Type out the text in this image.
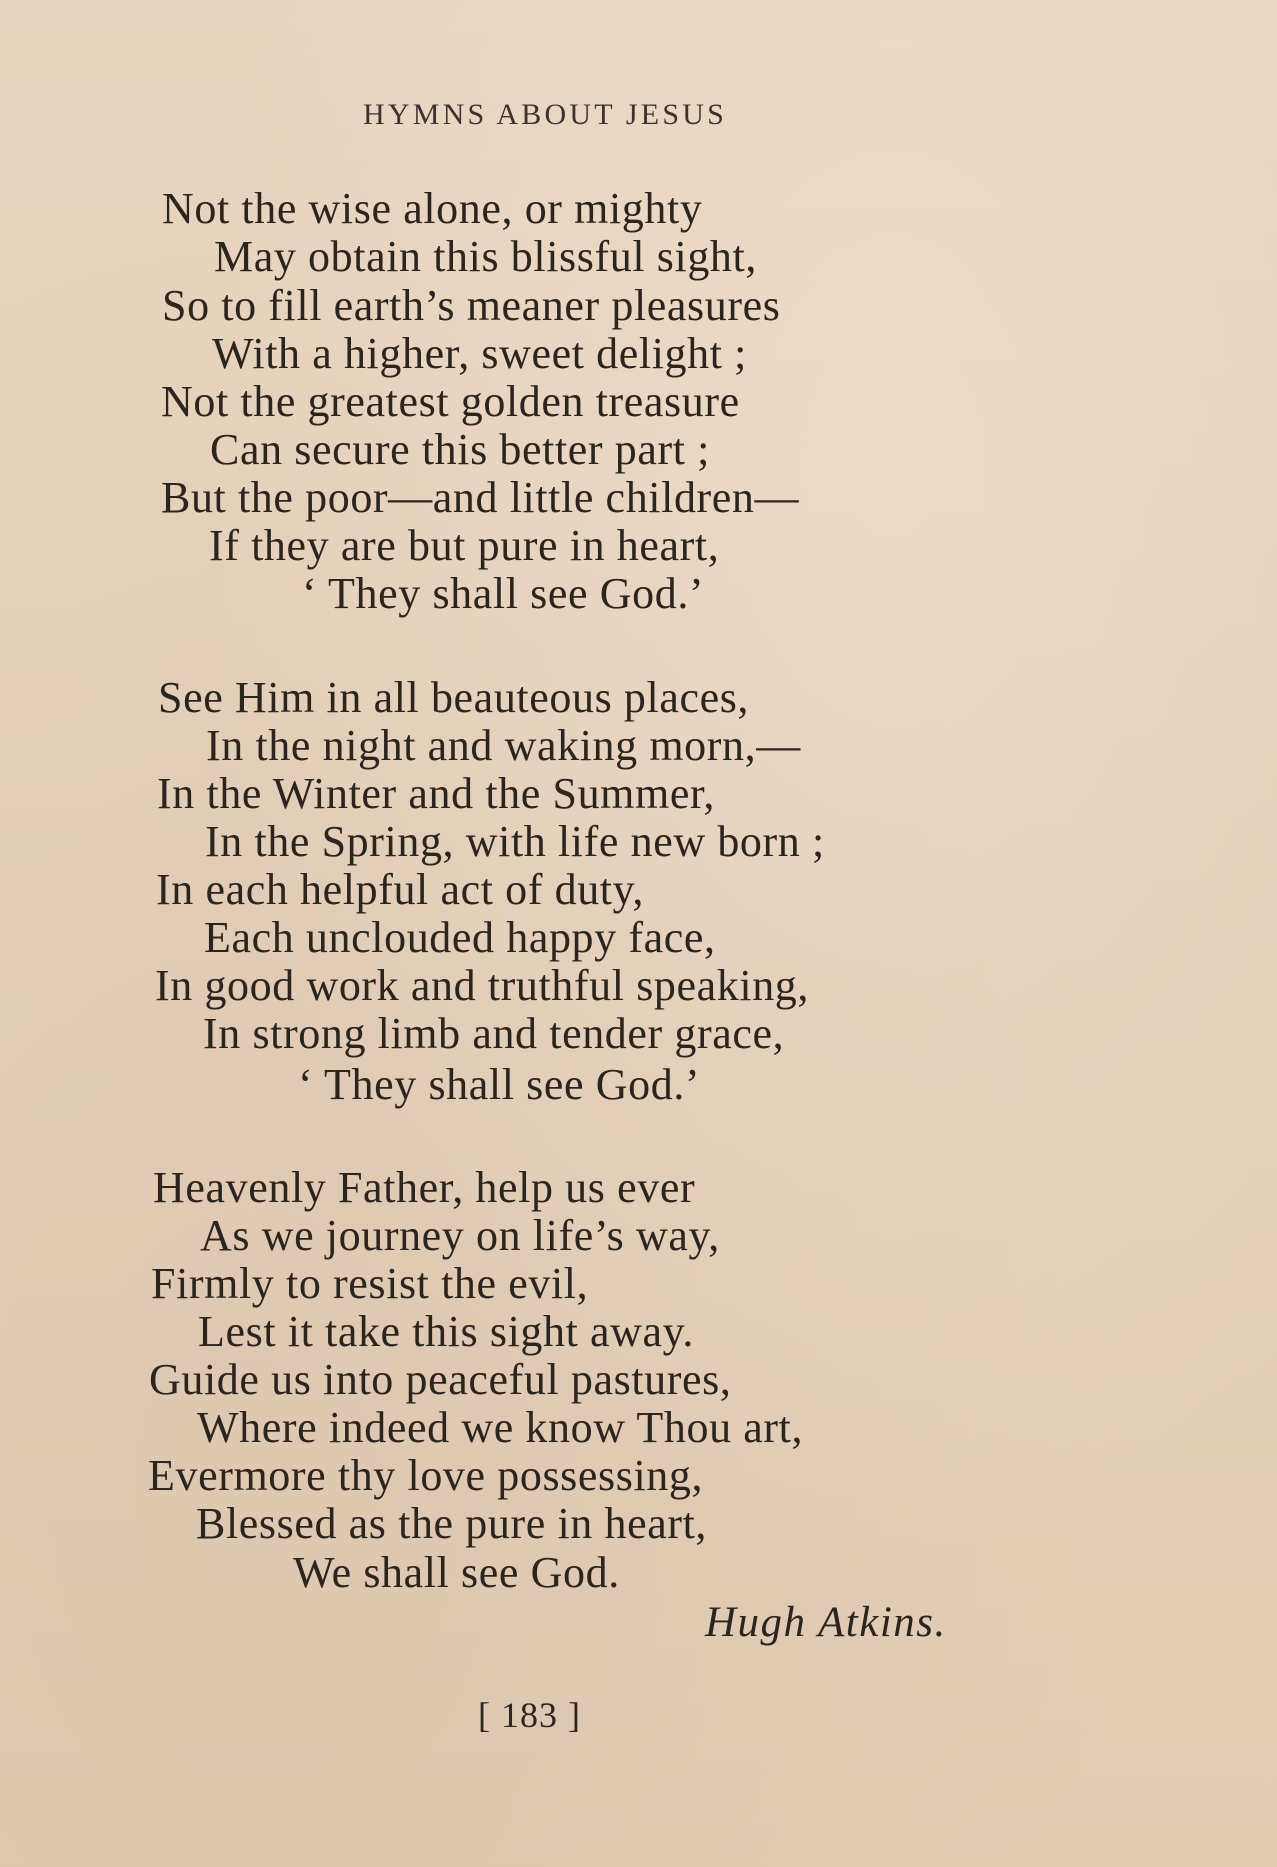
HYMNS ABOUT JESUS
Not the wise alone, or mighty
May obtain this blissful sight,
So to fill earth’s meaner pleasures
With a higher, sweet delight ;
Not the greatest golden treasure
Can secure this better part ;
But the poor—and little children—
If they are but pure in heart,
‘ They shall see God.’
See Him in all beauteous places,
In the night and waking morn,—
In the Winter and the Summer,
In the Spring, with life new born ;
In each helpful act of duty,
Each unclouded happy face,
In good work and truthful speaking,
In strong limb and tender grace,
‘ They shall see God.’
Heavenly Father, help us ever
As we journey on life’s way,
Firmly to resist the evil,
Lest it take this sight away.
Guide us into peaceful pastures,
Where indeed we know Thou art,
Evermore thy love possessing,
Blessed as the pure in heart,
We shall see God.
Hugh Atkins.
[ 183 ]
